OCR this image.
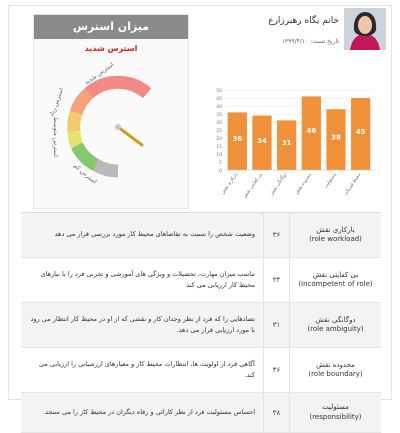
میزان استرس
استرس شدید
استرس شدید
استرس زیاد
استرس متوسط
استرس کم
خانم یگاه رهبرزارع
تاریخ تست: ۱۳۹۹/۴/۱۰
0
5
10
15
20
25
30
35
40
45
50
36
بارکاری نقش
34
بی کفایتی نقش
31
دوگانگی نقش
46
محدوده نقش
38
مسئولیت
45
محیط فیزیکی
بارکاری نقش
(role workload)
۳۶
وضعیت شخص را نسبت به تقاضاهای محیط کار مورد بررسی قرار می دهد
بی کفایتی نقش
(Incompetent of role)
۳۴
تناسب میزان مهارت، تحصیلات و ویژگی های آموزشی و تجربی فرد را با نیازهای محیط کار ارزیابی می کند
دوگانگی نقش
(role ambiguity)
۳۱
تضادهایی را که فرد از نظر وجدان کار و نقشی که از او در محیط کار انتظار می رود با مورد ارزیابی قرار می دهد.
محدوده نقش
(role boundary)
۴۶
آگاهی فرد از اولویت ها، انتظارات محیط کار و معیارهای ارزشیابی را ارزیابی می کند.
مسئولیت
(responsibility)
۳۸
احساس مسئولیت فرد از نظر کارائی و رفاه دیگران در محیط کار را می سنجد.
